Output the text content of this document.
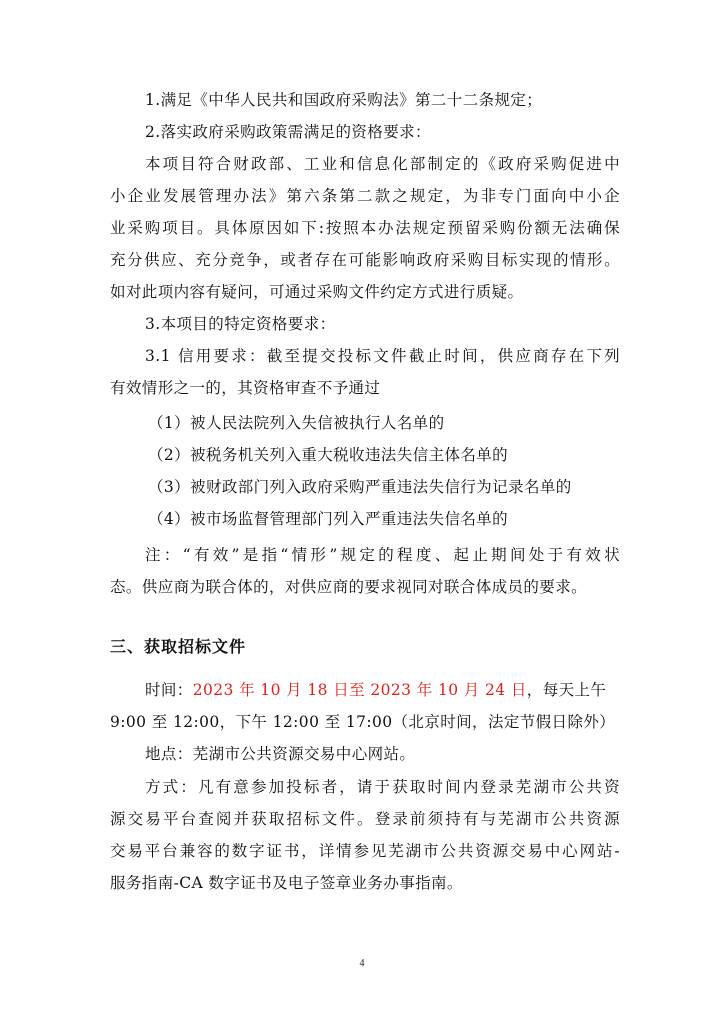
1.满足《中华人民共和国政府采购法》第二十二条规定；
2.落实政府采购政策需满足的资格要求：
本项目符合财政部、工业和信息化部制定的《政府采购促进中
小企业发展管理办法》第六条第二款之规定，为非专门面向中小企
业采购项目。具体原因如下:按照本办法规定预留采购份额无法确保
充分供应、充分竞争，或者存在可能影响政府采购目标实现的情形。
如对此项内容有疑问，可通过采购文件约定方式进行质疑。
3.本项目的特定资格要求：
3.1 信用要求：截至提交投标文件截止时间，供应商存在下列
有效情形之一的，其资格审查不予通过
（1）被人民法院列入失信被执行人名单的
（2）被税务机关列入重大税收违法失信主体名单的
（3）被财政部门列入政府采购严重违法失信行为记录名单的
（4）被市场监督管理部门列入严重违法失信名单的
注：“有效”是指“情形”规定的程度、起止期间处于有效状
态。供应商为联合体的，对供应商的要求视同对联合体成员的要求。
三、获取招标文件
时间：2023 年 10 月 18 日至 2023 年 10 月 24 日，每天上午
9:00 至 12:00，下午 12:00 至 17:00（北京时间，法定节假日除外）
地点：芜湖市公共资源交易中心网站。
方式：凡有意参加投标者，请于获取时间内登录芜湖市公共资
源交易平台查阅并获取招标文件。登录前须持有与芜湖市公共资源
交易平台兼容的数字证书，详情参见芜湖市公共资源交易中心网站-
服务指南-CA 数字证书及电子签章业务办事指南。
4
